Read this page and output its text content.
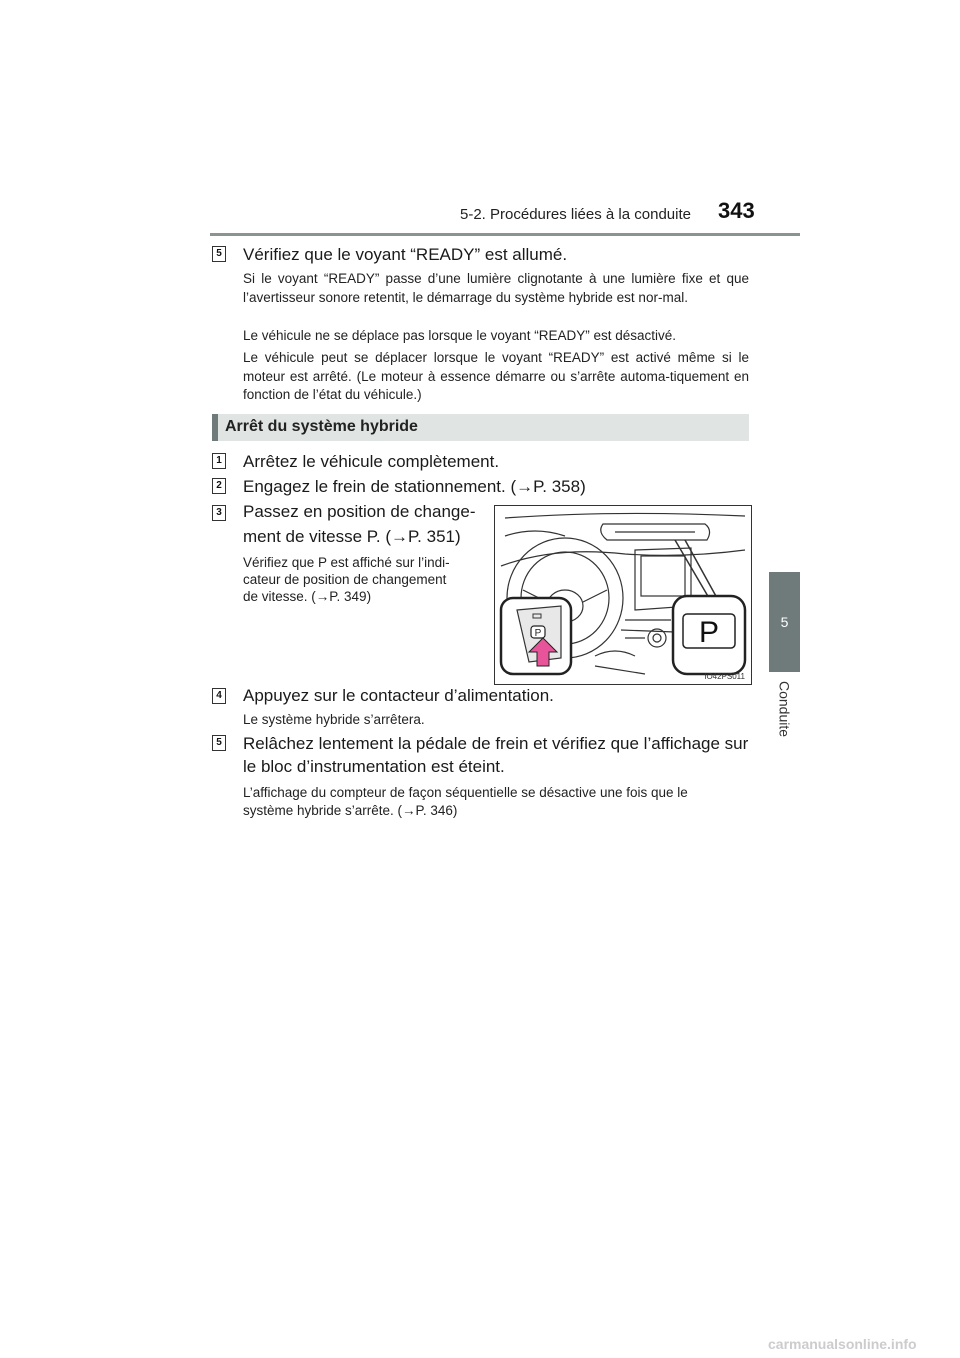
5-2. Procédures liées à la conduite 343
5
Conduite
5 Vérifiez que le voyant “READY” est allumé.
Si le voyant “READY” passe d’une lumière clignotante à une lumière fixe et que l’avertisseur sonore retentit, le démarrage du système hybride est nor-mal.
Le véhicule ne se déplace pas lorsque le voyant “READY” est désactivé.
Le véhicule peut se déplacer lorsque le voyant “READY” est activé même si le moteur est arrêté. (Le moteur à essence démarre ou s’arrête automa-tiquement en fonction de l’état du véhicule.)
Arrêt du système hybride
1 Arrêtez le véhicule complètement.
2 Engagez le frein de stationnement. (→P. 358)
3 Passez en position de change-
ment de vitesse P. (→P. 351)
Vérifiez que P est affiché sur l’indi-
cateur de position de changement
de vitesse. (→P. 349)
P	P
IO42PS011
4 Appuyez sur le contacteur d’alimentation.
Le système hybride s’arrêtera.
5 Relâchez lentement la pédale de frein et vérifiez que l’affichage sur
le bloc d’instrumentation est éteint.
L’affichage du compteur de façon séquentielle se désactive une fois que le
système hybride s’arrête. (→P. 346)
carmanualsonline.info
